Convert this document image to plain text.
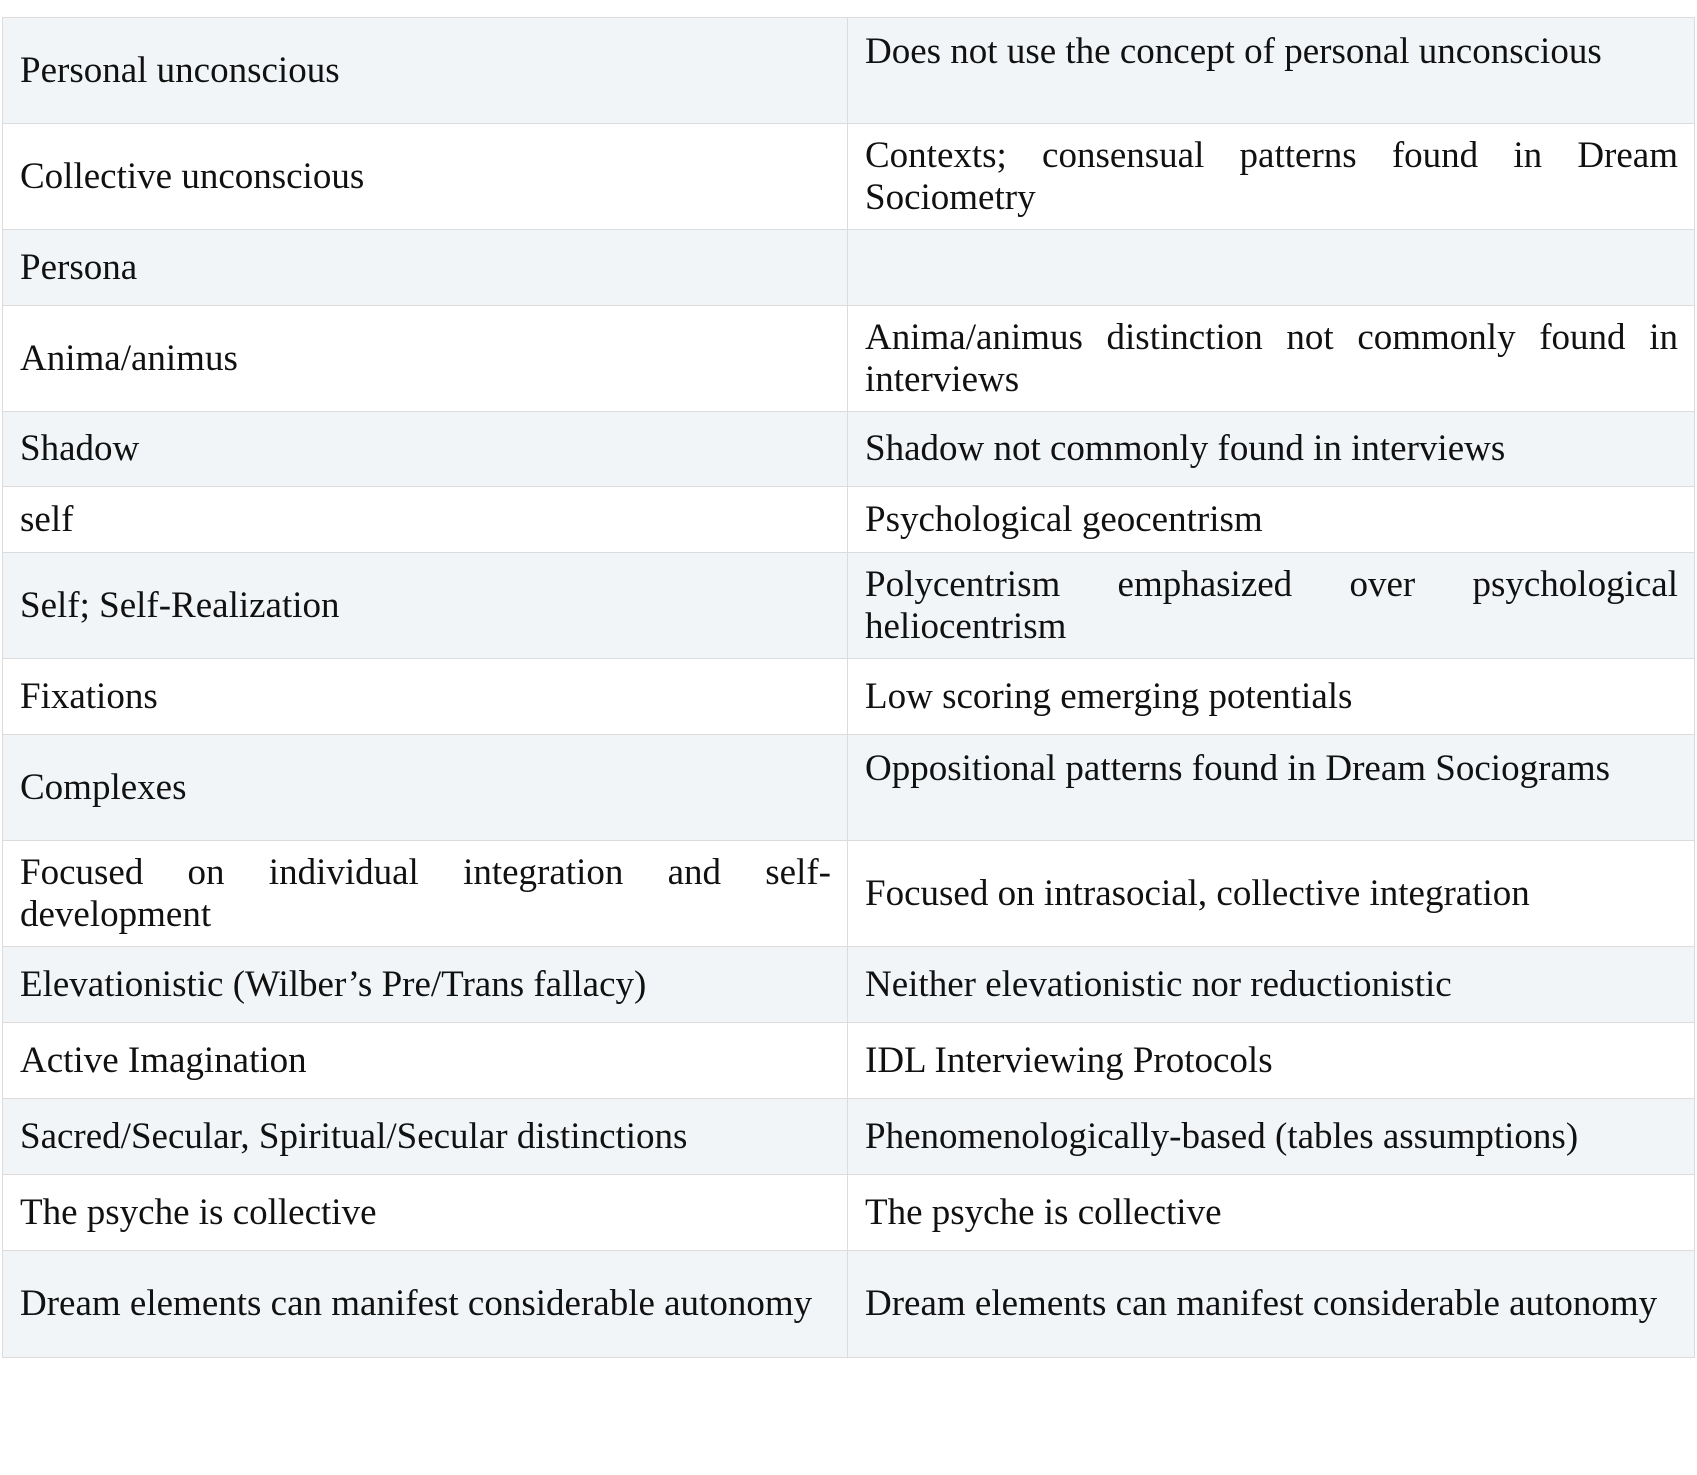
Personal unconscious	Does not use the concept of personal unconscious
Collective unconscious	Contexts; consensual patterns found in Dream Sociometry
Persona	
Anima/animus	Anima/animus distinction not commonly found in interviews
Shadow	Shadow not commonly found in interviews
self	Psychological geocentrism
Self; Self-Realization	Polycentrism emphasized over psychological heliocentrism
Fixations	Low scoring emerging potentials
Complexes	Oppositional patterns found in Dream Sociograms
Focused on individual integration and self-development	Focused on intrasocial, collective integration
Elevationistic (Wilber’s Pre/Trans fallacy)	Neither elevationistic nor reductionistic
Active Imagination	IDL Interviewing Protocols
Sacred/Secular, Spiritual/Secular distinctions	Phenomenologically-based (tables assumptions)
The psyche is collective	The psyche is collective
Dream elements can manifest considerable autonomy	Dream elements can manifest considerable autonomy
